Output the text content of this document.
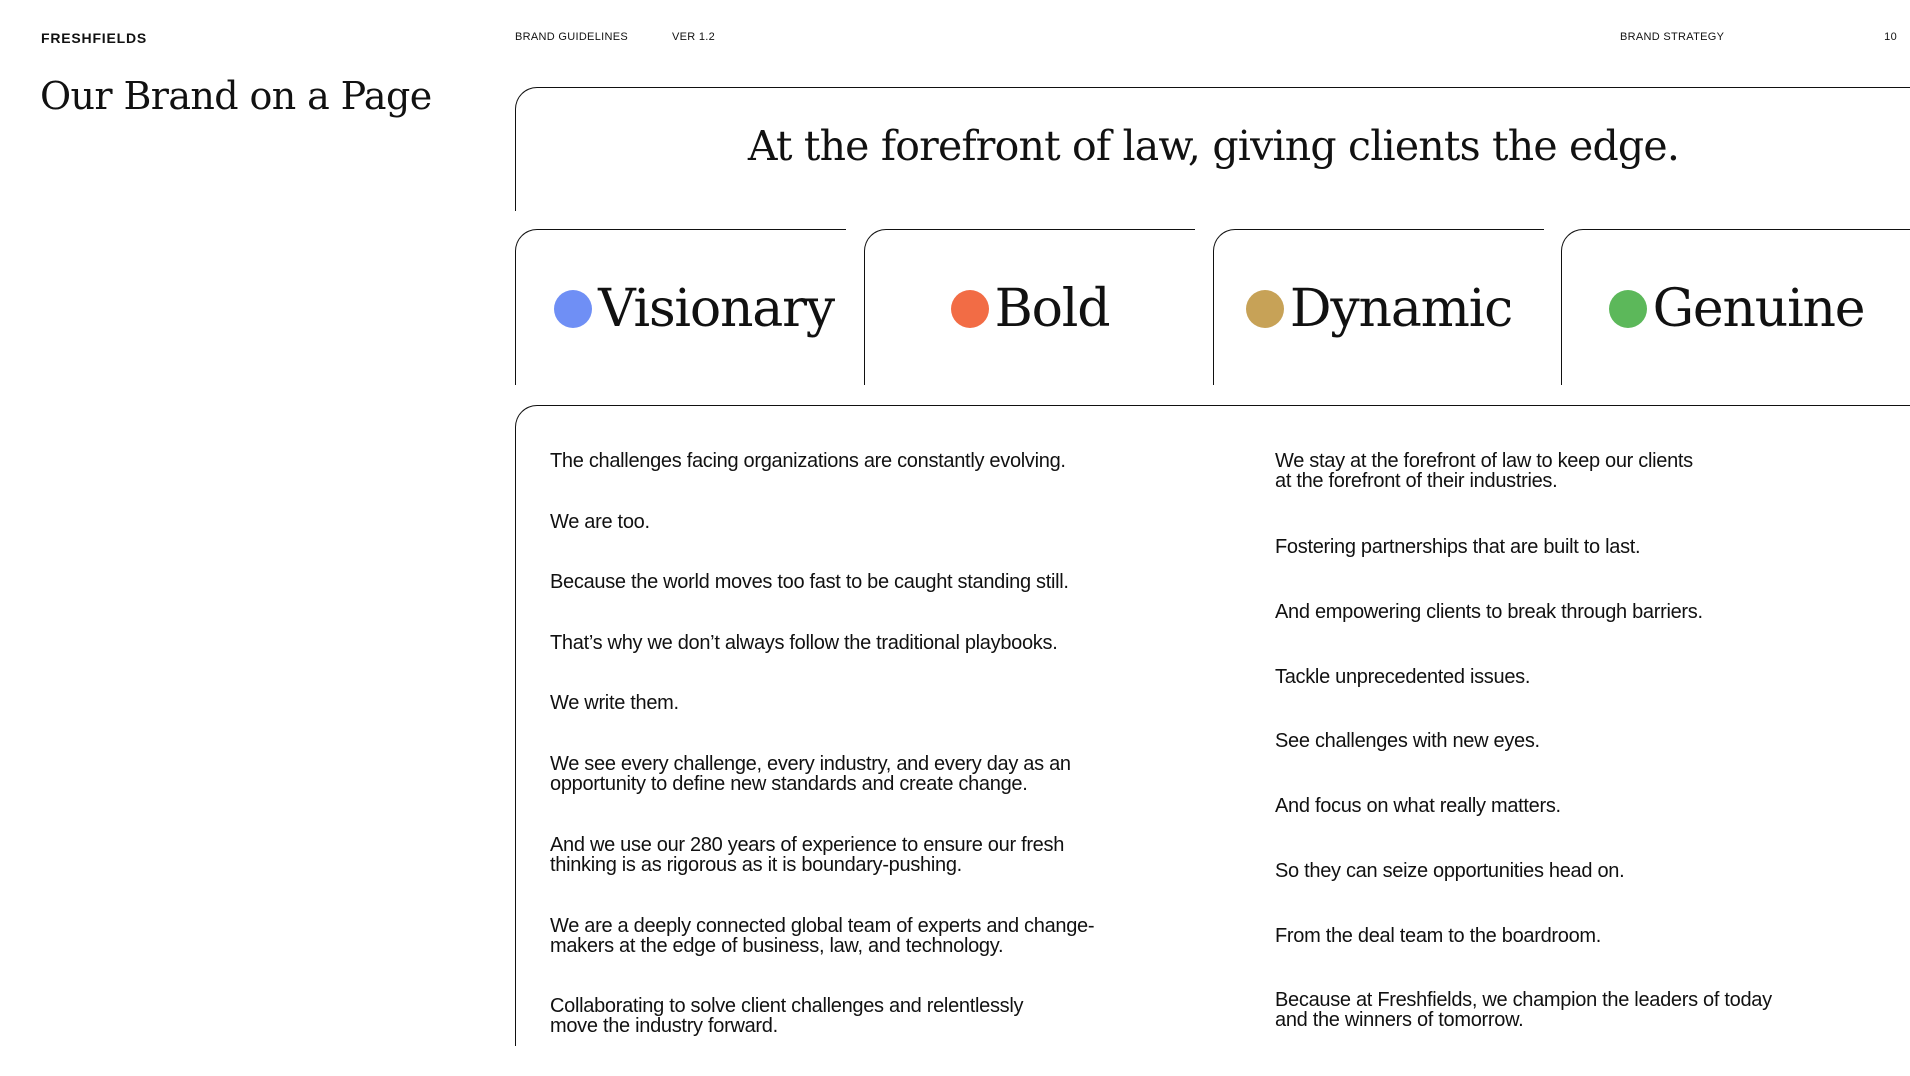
FRESHFIELDS	BRAND GUIDELINES	VER 1.2	BRAND STRATEGY	10
Our Brand on a Page
At the forefront of law, giving clients the edge.
Visionary	Bold	Dynamic	Genuine

The challenges facing organizations are constantly evolving.

We are too.

Because the world moves too fast to be caught standing still.

That’s why we don’t always follow the traditional playbooks.

We write them.

We see every challenge, every industry, and every day as an
opportunity to define new standards and create change.

And we use our 280 years of experience to ensure our fresh
thinking is as rigorous as it is boundary-pushing.

We are a deeply connected global team of experts and change-
makers at the edge of business, law, and technology.

Collaborating to solve client challenges and relentlessly
move the industry forward.

We stay at the forefront of law to keep our clients
at the forefront of their industries.

Fostering partnerships that are built to last.

And empowering clients to break through barriers.

Tackle unprecedented issues.

See challenges with new eyes.

And focus on what really matters.

So they can seize opportunities head on.

From the deal team to the boardroom.

Because at Freshfields, we champion the leaders of today
and the winners of tomorrow.
